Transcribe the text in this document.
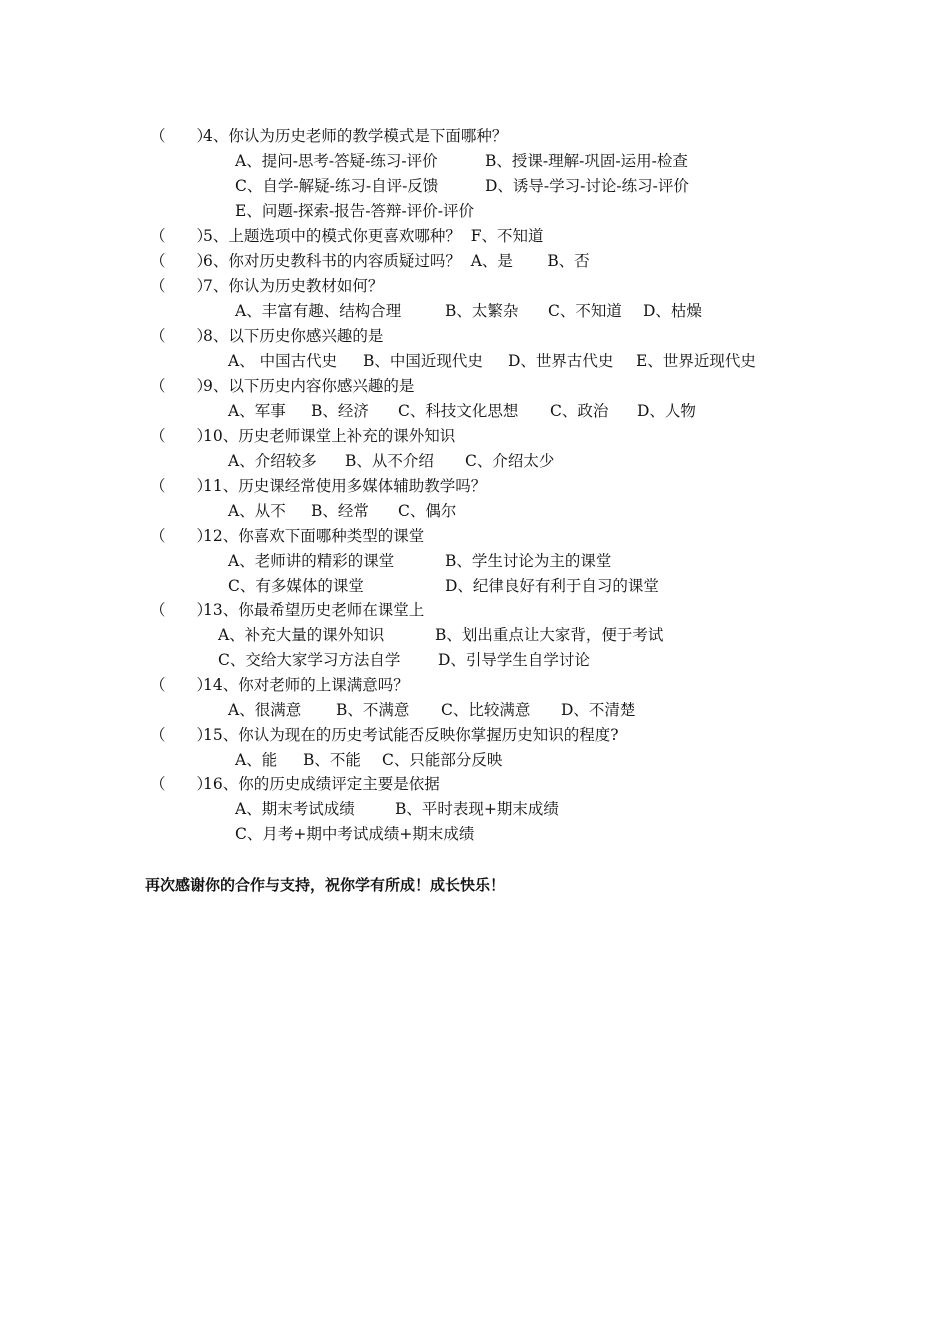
（　　）
4、你认为历史老师的教学模式是下面哪种？
A、提问-思考-答疑-练习-评价	B、授课-理解-巩固-运用-检查
C、自学-解疑-练习-自评-反馈	D、诱导-学习-讨论-练习-评价
E、问题-探索-报告-答辩-评价-评价
（　　）
5、上题选项中的模式你更喜欢哪种？  F、不知道
（　　）
6、你对历史教科书的内容质疑过吗？  A、是       B、否
（　　）
7、你认为历史教材如何？
A、丰富有趣、结构合理	B、太繁杂 C、不知道 D、枯燥
（　　）
8、以下历史你感兴趣的是
A、 中国古代史 B、中国近现代史 D、世界古代史 E、世界近现代史
（　　）
9、以下历史内容你感兴趣的是
A、军事 B、经济 C、科技文化思想 C、政治 D、人物
（　　）
10、历史老师课堂上补充的课外知识
A、介绍较多 B、从不介绍 C、介绍太少
（　　）
11、历史课经常使用多媒体辅助教学吗？
A、从不 B、经常 C、偶尔
（　　）
12、你喜欢下面哪种类型的课堂
A、老师讲的精彩的课堂	B、学生讨论为主的课堂
C、有多媒体的课堂	D、纪律良好有利于自习的课堂
（　　）
13、你最希望历史老师在课堂上
A、补充大量的课外知识	B、划出重点让大家背，便于考试
C、交给大家学习方法自学 D、引导学生自学讨论
（　　）
14、你对老师的上课满意吗？
A、很满意 B、不满意 C、比较满意 D、不清楚
（　　）
15、你认为现在的历史考试能否反映你掌握历史知识的程度?
A、能 B、不能 C、只能部分反映
（　　）
16、你的历史成绩评定主要是依据
A、期末考试成绩	B、平时表现+期末成绩
C、月考+期中考试成绩+期末成绩
再次感谢你的合作与支持，祝你学有所成！成长快乐！
